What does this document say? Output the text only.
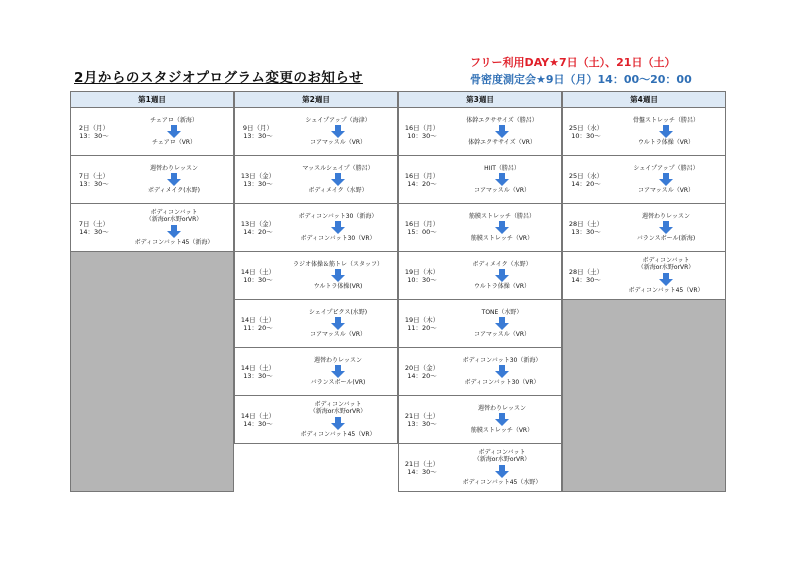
2月からのスタジオプログラム変更のお知らせ
フリー利用DAY★7日（土）、21日（土）
骨密度測定会★9日（月）14：00～20：00
第1週目
2日（月）
13：30～
チェアロ（新海）
チェアロ（VR）
7日（土）
13：30～
週替わりレッスン
ボディメイク(水野)
7日（土）
14：30～
ボディコンバット
（新海or水野orVR）
ボディコンバット45（新海）
第2週目
9日（月）
13：30～
シェイプアップ（海津）
コアマッスル（VR）
13日（金）
13：30～
マッスルシェイプ（勝呂）
ボディメイク（水野）
13日（金）
14：20～
ボディコンバット30（新海）
ボディコンバット30（VR）
14日（土）
10：30～
ラジオ体操＆筋トレ（スタッフ）
ウルトラ体操(VR)
14日（土）
11：20～
シェイプピクス(水野)
コアマッスル（VR）
14日（土）
13：30～
週替わりレッスン
バランスボール(VR)
14日（土）
14：30～
ボディコンバット
（新海or水野orVR）
ボディコンバット45（VR）
第3週目
16日（月）
10：30～
体幹エクササイズ（勝呂）
体幹エクササイズ（VR）
16日（月）
14：20～
HIIT（勝呂）
コアマッスル（VR）
16日（月）
15：00～
筋膜ストレッチ（勝呂）
筋膜ストレッチ（VR）
19日（木）
10：30～
ボディメイク（水野）
ウルトラ体操（VR）
19日（木）
11：20～
TONE（水野）
コアマッスル（VR）
20日（金）
14：20～
ボディコンバット30（新海）
ボディコンバット30（VR）
21日（土）
13：30～
週替わりレッスン
筋膜ストレッチ（VR）
21日（土）
14：30～
ボディコンバット
（新海or水野orVR）
ボディコンバット45（水野）
第4週目
25日（水）
10：30～
骨盤ストレッチ（勝呂）
ウルトラ体操（VR）
25日（水）
14：20～
シェイプアップ（勝呂）
コアマッスル（VR）
28日（土）
13：30～
週替わりレッスン
バランスボール(新海)
28日（土）
14：30～
ボディコンバット
（新海or水野orVR）
ボディコンバット45（VR）
